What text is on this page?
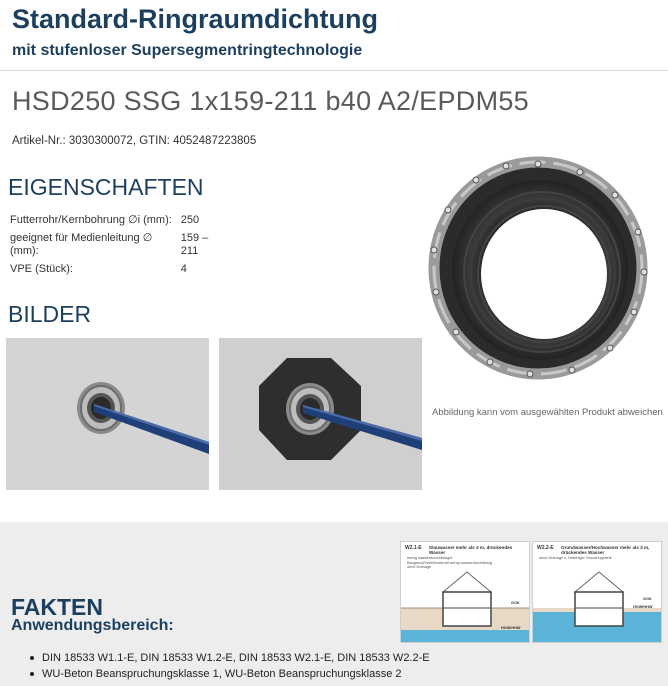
Standard-Ringraumdichtung
mit stufenloser Supersegmentringtechnologie
HSD250 SSG 1x159-211 b40 A2/EPDM55
Artikel-Nr.: 3030300072, GTIN: 4052487223805
EIGENSCHAFTEN
Futterrohr/Kernbohrung ∅i (mm): 250
geeignet für Medienleitung ∅ (mm):
159 – 211
VPE (Stück):	4
Abbildung kann vom ausgewählten Produkt abweichen
BILDER
FAKTEN
Anwendungsbereich:
DIN 18533 W1.1-E, DIN 18533 W1.2-E, DIN 18533 W2.1-E, DIN 18533 W2.2-E
WU-Beton Beanspruchungsklasse 1, WU-Beton Beanspruchungsklasse 2
W2.1-E Stauwasser mehr als 3 m, drückendes Wasser
wenig wasserdurchlässiger Baugrund/Verfüllmaterial wenig wasserdurchlässig ohne Dränage
GOK
HGW/HHW
W2.2-E Grundwasser/Hochwasser mehr als 3 m, drückendes Wasser
ohne Dränage o. beliebiger Grundungstiefe
GOK
HGW/HHW
